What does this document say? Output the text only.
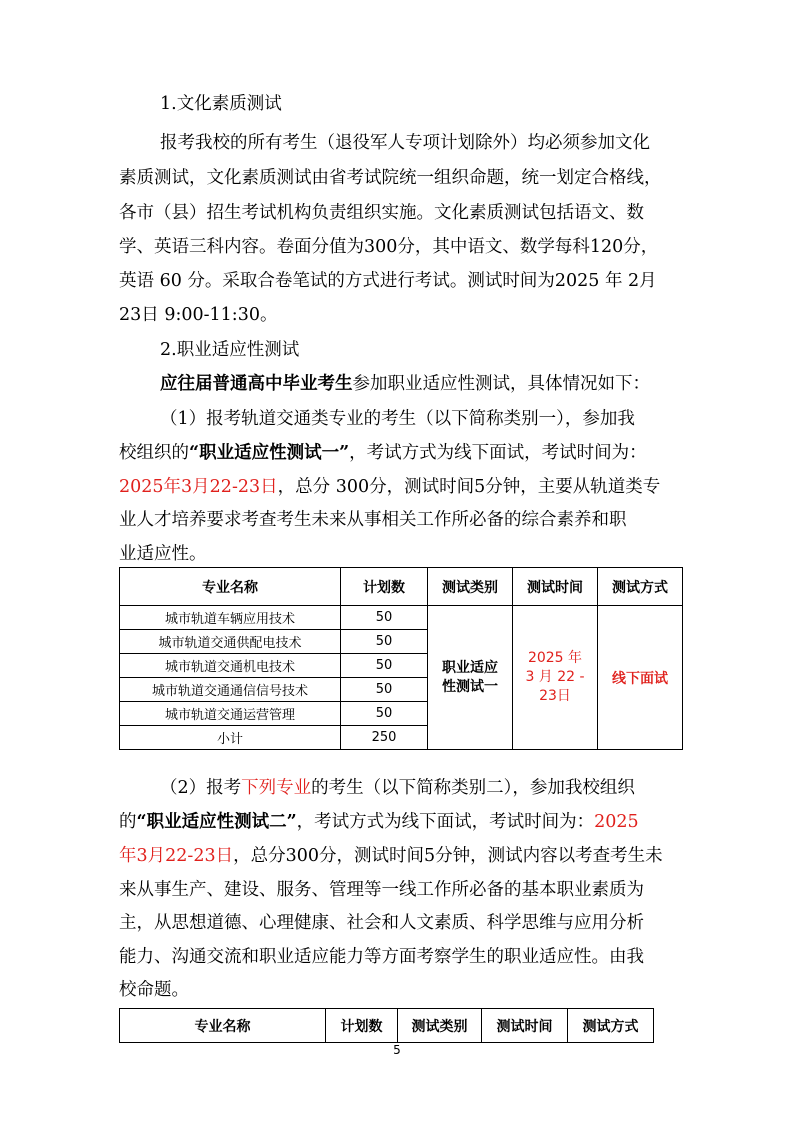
1.文化素质测试
报考我校的所有考生（退役军人专项计划除外）均必须参加文化
素质测试，文化素质测试由省考试院统一组织命题，统一划定合格线，
各市（县）招生考试机构负责组织实施。文化素质测试包括语文、数
学、英语三科内容。卷面分值为300分，其中语文、数学每科120分，
英语 60 分。采取合卷笔试的方式进行考试。测试时间为2025 年 2月
23日 9:00-11:30。
2.职业适应性测试
应往届普通高中毕业考生参加职业适应性测试，具体情况如下：
（1）报考轨道交通类专业的考生（以下简称类别一），参加我
校组织的“职业适应性测试一”，考试方式为线下面试，考试时间为：
2025年3月22-23日，总分 300分，测试时间5分钟，主要从轨道类专
业人才培养要求考查考生未来从事相关工作所必备的综合素养和职
业适应性。
专业名称	计划数	测试类别	测试时间	测试方式
城市轨道车辆应用技术	50	职业适应
性测试一	2025 年
3 月 22 -
23日	线下面试
城市轨道交通供配电技术	50			
城市轨道交通机电技术	50			
城市轨道交通通信信号技术	50			
城市轨道交通运营管理	50			
小计	250			
（2）报考下列专业的考生（以下简称类别二），参加我校组织
的“职业适应性测试二”，考试方式为线下面试，考试时间为：2025
年3月22-23日，总分300分，测试时间5分钟，测试内容以考查考生未
来从事生产、建设、服务、管理等一线工作所必备的基本职业素质为
主，从思想道德、心理健康、社会和人文素质、科学思维与应用分析
能力、沟通交流和职业适应能力等方面考察学生的职业适应性。由我
校命题。
专业名称	计划数	测试类别	测试时间	测试方式
5
